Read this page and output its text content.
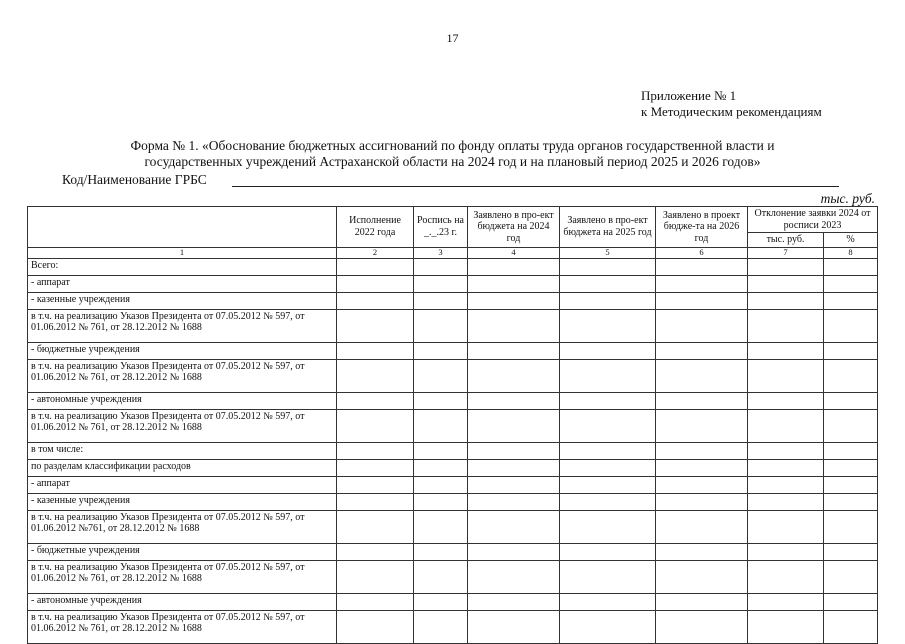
17
Приложение № 1
к Методическим рекомендациям
Форма № 1. «Обоснование бюджетных ассигнований по фонду оплаты труда органов государственной власти и
государственных учреждений Астраханской области на 2024 год и на плановый период 2025 и 2026 годов»
Код/Наименование ГРБС
тыс. руб.
	Исполнение 2022 года	Роспись на _._.23 г.	Заявлено в про-ект бюджета на 2024 год	Заявлено в про-ект бюджета на 2025 год	Заявлено в проект бюдже-та на 2026 год	Отклонение заявки 2024 от росписи 2023	
						тыс. руб.	%
1	2	3	4	5	6	7	8
Всего:							
- аппарат							
- казенные учреждения							
в т.ч. на реализацию Указов Президента от 07.05.2012 № 597, от 01.06.2012 № 761, от 28.12.2012 № 1688							
- бюджетные учреждения							
в т.ч. на реализацию Указов Президента от 07.05.2012 № 597, от 01.06.2012 № 761, от 28.12.2012 № 1688							
- автономные учреждения							
в т.ч. на реализацию Указов Президента от 07.05.2012 № 597, от 01.06.2012 № 761, от 28.12.2012 № 1688							
в том числе:							
по разделам классификации расходов							
- аппарат							
- казенные учреждения							
в т.ч. на реализацию Указов Президента от 07.05.2012 № 597, от 01.06.2012 №761, от 28.12.2012 № 1688							
- бюджетные учреждения							
в т.ч. на реализацию Указов Президента от 07.05.2012 № 597, от 01.06.2012 № 761, от 28.12.2012 № 1688							
- автономные учреждения							
в т.ч. на реализацию Указов Президента от 07.05.2012 № 597, от 01.06.2012 № 761, от 28.12.2012 № 1688							
